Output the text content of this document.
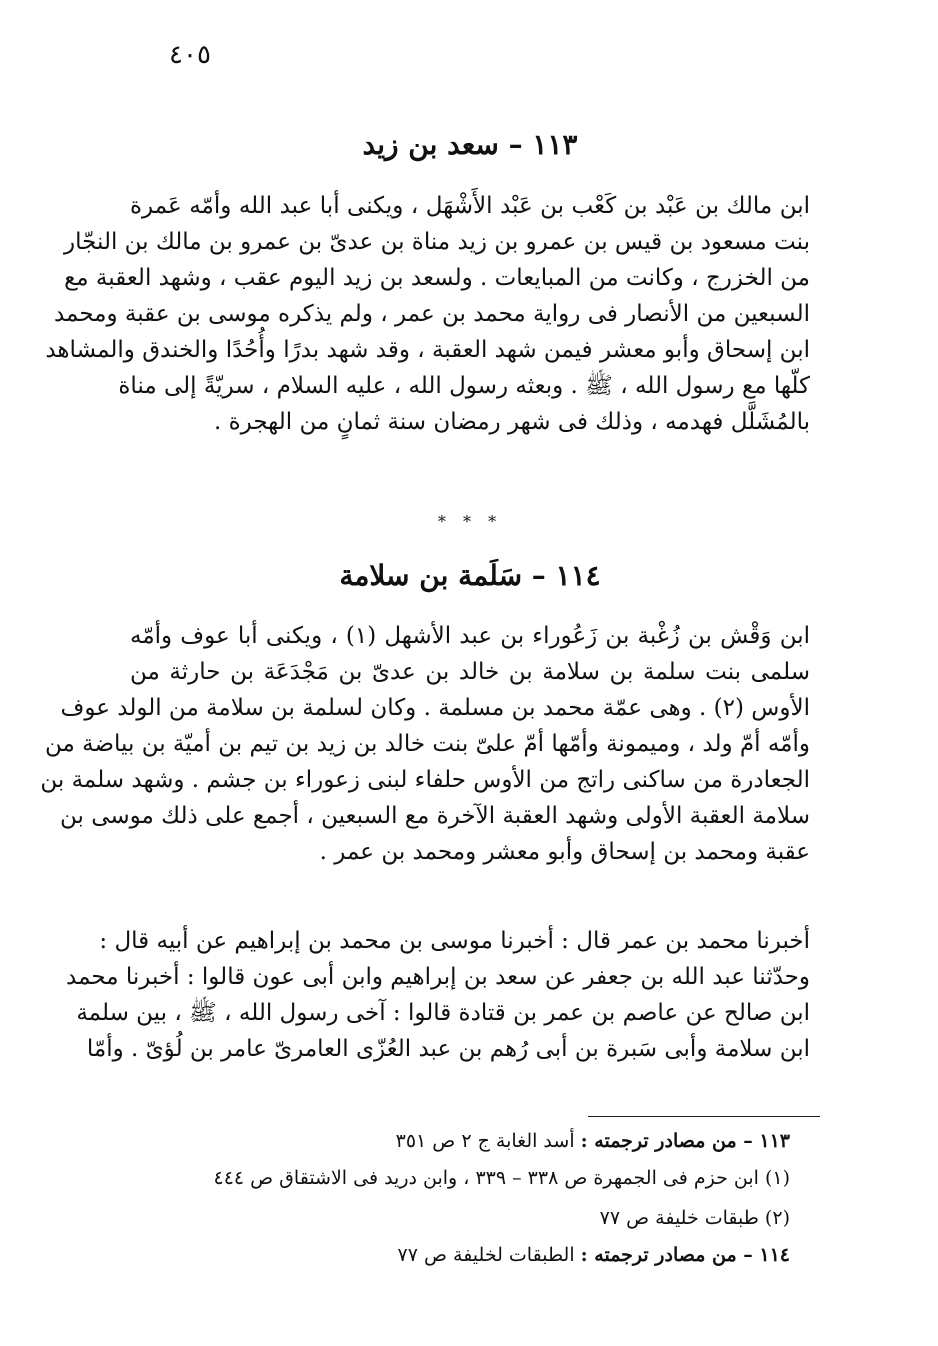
٤٠٥
١١٣ – سعد بن زيد
ابن مالك بن عَبْد بن كَعْب بن عَبْد الأَشْهَل ، ويكنى أبا عبد الله وأمّه عَمرة
بنت مسعود بن قيس بن عمرو بن زيد مناة بن عدىّ بن عمرو بن مالك بن النجّار
من الخزرج ، وكانت من المبايعات . ولسعد بن زيد اليوم عقب ، وشهد العقبة مع
السبعين من الأنصار فى رواية محمد بن عمر ، ولم يذكره موسى بن عقبة ومحمد
ابن إسحاق وأبو معشر فيمن شهد العقبة ، وقد شهد بدرًا وأُحُدًا والخندق والمشاهد
كلّها مع رسول الله ، ﷺ . وبعثه رسول الله ، عليه السلام ، سريّةً إلى مناة
بالمُشَلَّل فهدمه ، وذلك فى شهر رمضان سنة ثمانٍ من الهجرة .
* * *
١١٤ – سَلَمة بن سلامة
ابن وَقْش بن زُغْبة بن زَعُوراء بن عبد الأشهل (١) ، ويكنى أبا عوف وأمّه
سلمى بنت سلمة بن سلامة بن خالد بن عدىّ بن مَجْدَعَة بن حارثة من
الأوس (٢) . وهى عمّة محمد بن مسلمة . وكان لسلمة بن سلامة من الولد عوف
وأمّه أمّ ولد ، وميمونة وأمّها أمّ علىّ بنت خالد بن زيد بن تيم بن أميّة بن بياضة من
الجعادرة من ساكنى راتج من الأوس حلفاء لبنى زعوراء بن جشم . وشهد سلمة بن
سلامة العقبة الأولى وشهد العقبة الآخرة مع السبعين ، أجمع على ذلك موسى بن
عقبة ومحمد بن إسحاق وأبو معشر ومحمد بن عمر .
أخبرنا محمد بن عمر قال : أخبرنا موسى بن محمد بن إبراهيم عن أبيه قال :
وحدّثنا عبد الله بن جعفر عن سعد بن إبراهيم وابن أبى عون قالوا : أخبرنا محمد
ابن صالح عن عاصم بن عمر بن قتادة قالوا : آخى رسول الله ، ﷺ ، بين سلمة
ابن سلامة وأبى سَبرة بن أبى رُهم بن عبد العُزّى العامرىّ عامر بن لُؤىّ . وأمّا
١١٣ – من مصادر ترجمته : أسد الغابة ج ٢ ص ٣٥١
(١) ابن حزم فى الجمهرة ص ٣٣٨ – ٣٣٩ ، وابن دريد فى الاشتقاق ص ٤٤٤
(٢) طبقات خليفة ص ٧٧
١١٤ – من مصادر ترجمته : الطبقات لخليفة ص ٧٧
